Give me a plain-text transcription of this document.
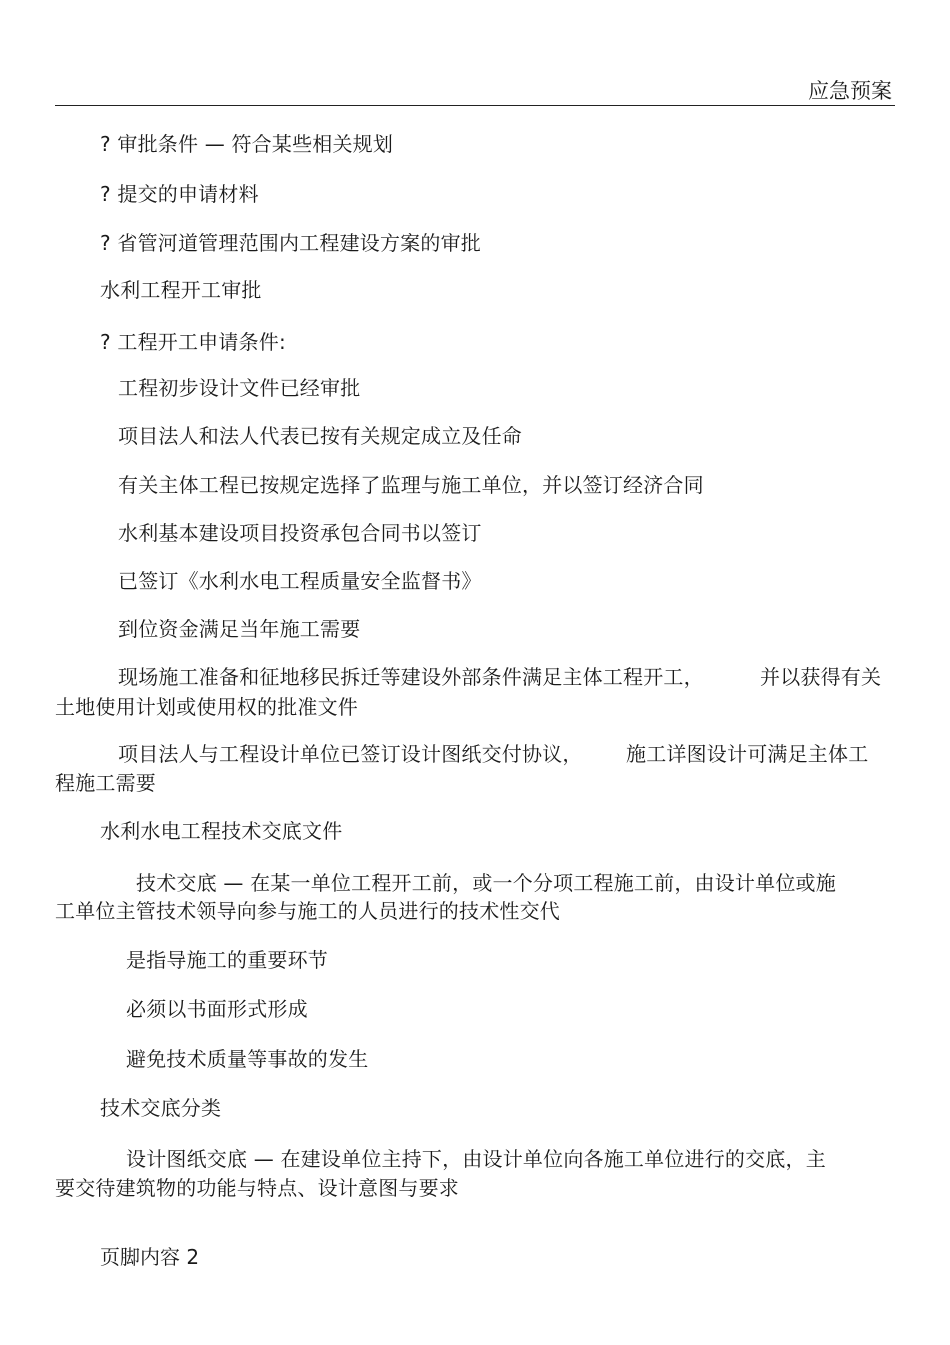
应急预案
? 审批条件 — 符合某些相关规划
? 提交的申请材料
? 省管河道管理范围内工程建设方案的审批
水利工程开工审批
? 工程开工申请条件:
工程初步设计文件已经审批
项目法人和法人代表已按有关规定成立及任命
有关主体工程已按规定选择了监理与施工单位，并以签订经济合同
水利基本建设项目投资承包合同书以签订
已签订《水利水电工程质量安全监督书》
到位资金满足当年施工需要
现场施工准备和征地移民拆迁等建设外部条件满足主体工程开工，	并以获得有关
土地使用计划或使用权的批准文件
项目法人与工程设计单位已签订设计图纸交付协议， 施工详图设计可满足主体工
程施工需要
水利水电工程技术交底文件
技术交底 — 在某一单位工程开工前，或一个分项工程施工前，由设计单位或施
工单位主管技术领导向参与施工的人员进行的技术性交代
是指导施工的重要环节
必须以书面形式形成
避免技术质量等事故的发生
技术交底分类
设计图纸交底 — 在建设单位主持下，由设计单位向各施工单位进行的交底，主
要交待建筑物的功能与特点、设计意图与要求
页脚内容 2
